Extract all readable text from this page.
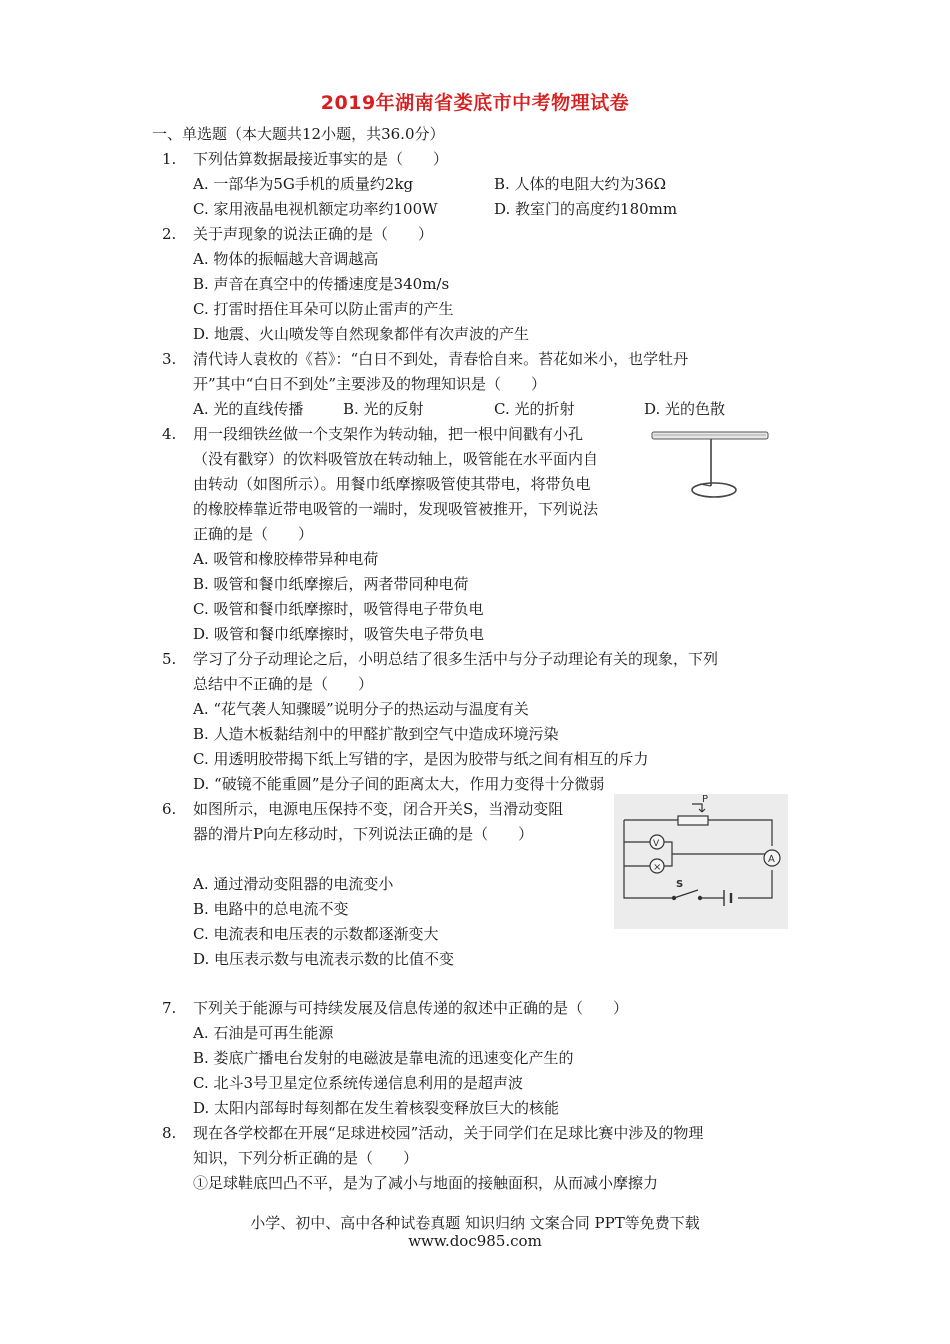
2019年湖南省娄底市中考物理试卷
一、单选题（本大题共12小题，共36.0分）
1. 下列估算数据最接近事实的是（　　）
A. 一部华为5G手机的质量约2kg	B. 人体的电阻大约为36Ω
C. 家用液晶电视机额定功率约100W	D. 教室门的高度约180mm
2. 关于声现象的说法正确的是（　　）
A. 物体的振幅越大音调越高
B. 声音在真空中的传播速度是340m/s
C. 打雷时捂住耳朵可以防止雷声的产生
D. 地震、火山喷发等自然现象都伴有次声波的产生
3. 清代诗人袁枚的《苔》：“白日不到处，青春恰自来。苔花如米小，也学牡丹
开”其中“白日不到处”主要涉及的物理知识是（　　）
A. 光的直线传播	B. 光的反射	C. 光的折射	D. 光的色散
4. 用一段细铁丝做一个支架作为转动轴，把一根中间戳有小孔
（没有戳穿）的饮料吸管放在转动轴上，吸管能在水平面内自
由转动（如图所示）。用餐巾纸摩擦吸管使其带电，将带负电
的橡胶棒靠近带电吸管的一端时，发现吸管被推开，下列说法
正确的是（　　）
A. 吸管和橡胶棒带异种电荷
B. 吸管和餐巾纸摩擦后，两者带同种电荷
C. 吸管和餐巾纸摩擦时，吸管得电子带负电
D. 吸管和餐巾纸摩擦时，吸管失电子带负电
5. 学习了分子动理论之后，小明总结了很多生活中与分子动理论有关的现象，下列
总结中不正确的是（　　）
A. “花气袭人知骤暖”说明分子的热运动与温度有关
B. 人造木板黏结剂中的甲醛扩散到空气中造成环境污染
C. 用透明胶带揭下纸上写错的字，是因为胶带与纸之间有相互的斥力
D. “破镜不能重圆”是分子间的距离太大，作用力变得十分微弱
6. 如图所示，电源电压保持不变，闭合开关S，当滑动变阻
器的滑片P向左移动时，下列说法正确的是（　　）
A. 通过滑动变阻器的电流变小
B. 电路中的总电流不变
C. 电流表和电压表的示数都逐渐变大
D. 电压表示数与电流表示数的比值不变
P
V
×
A
S
7. 下列关于能源与可持续发展及信息传递的叙述中正确的是（　　）
A. 石油是可再生能源
B. 娄底广播电台发射的电磁波是靠电流的迅速变化产生的
C. 北斗3号卫星定位系统传递信息利用的是超声波
D. 太阳内部每时每刻都在发生着核裂变释放巨大的核能
8. 现在各学校都在开展“足球进校园”活动，关于同学们在足球比赛中涉及的物理
知识，下列分析正确的是（　　）
①足球鞋底凹凸不平，是为了减小与地面的接触面积，从而减小摩擦力
小学、初中、高中各种试卷真题 知识归纳 文案合同 PPT等免费下载
www.doc985.com
